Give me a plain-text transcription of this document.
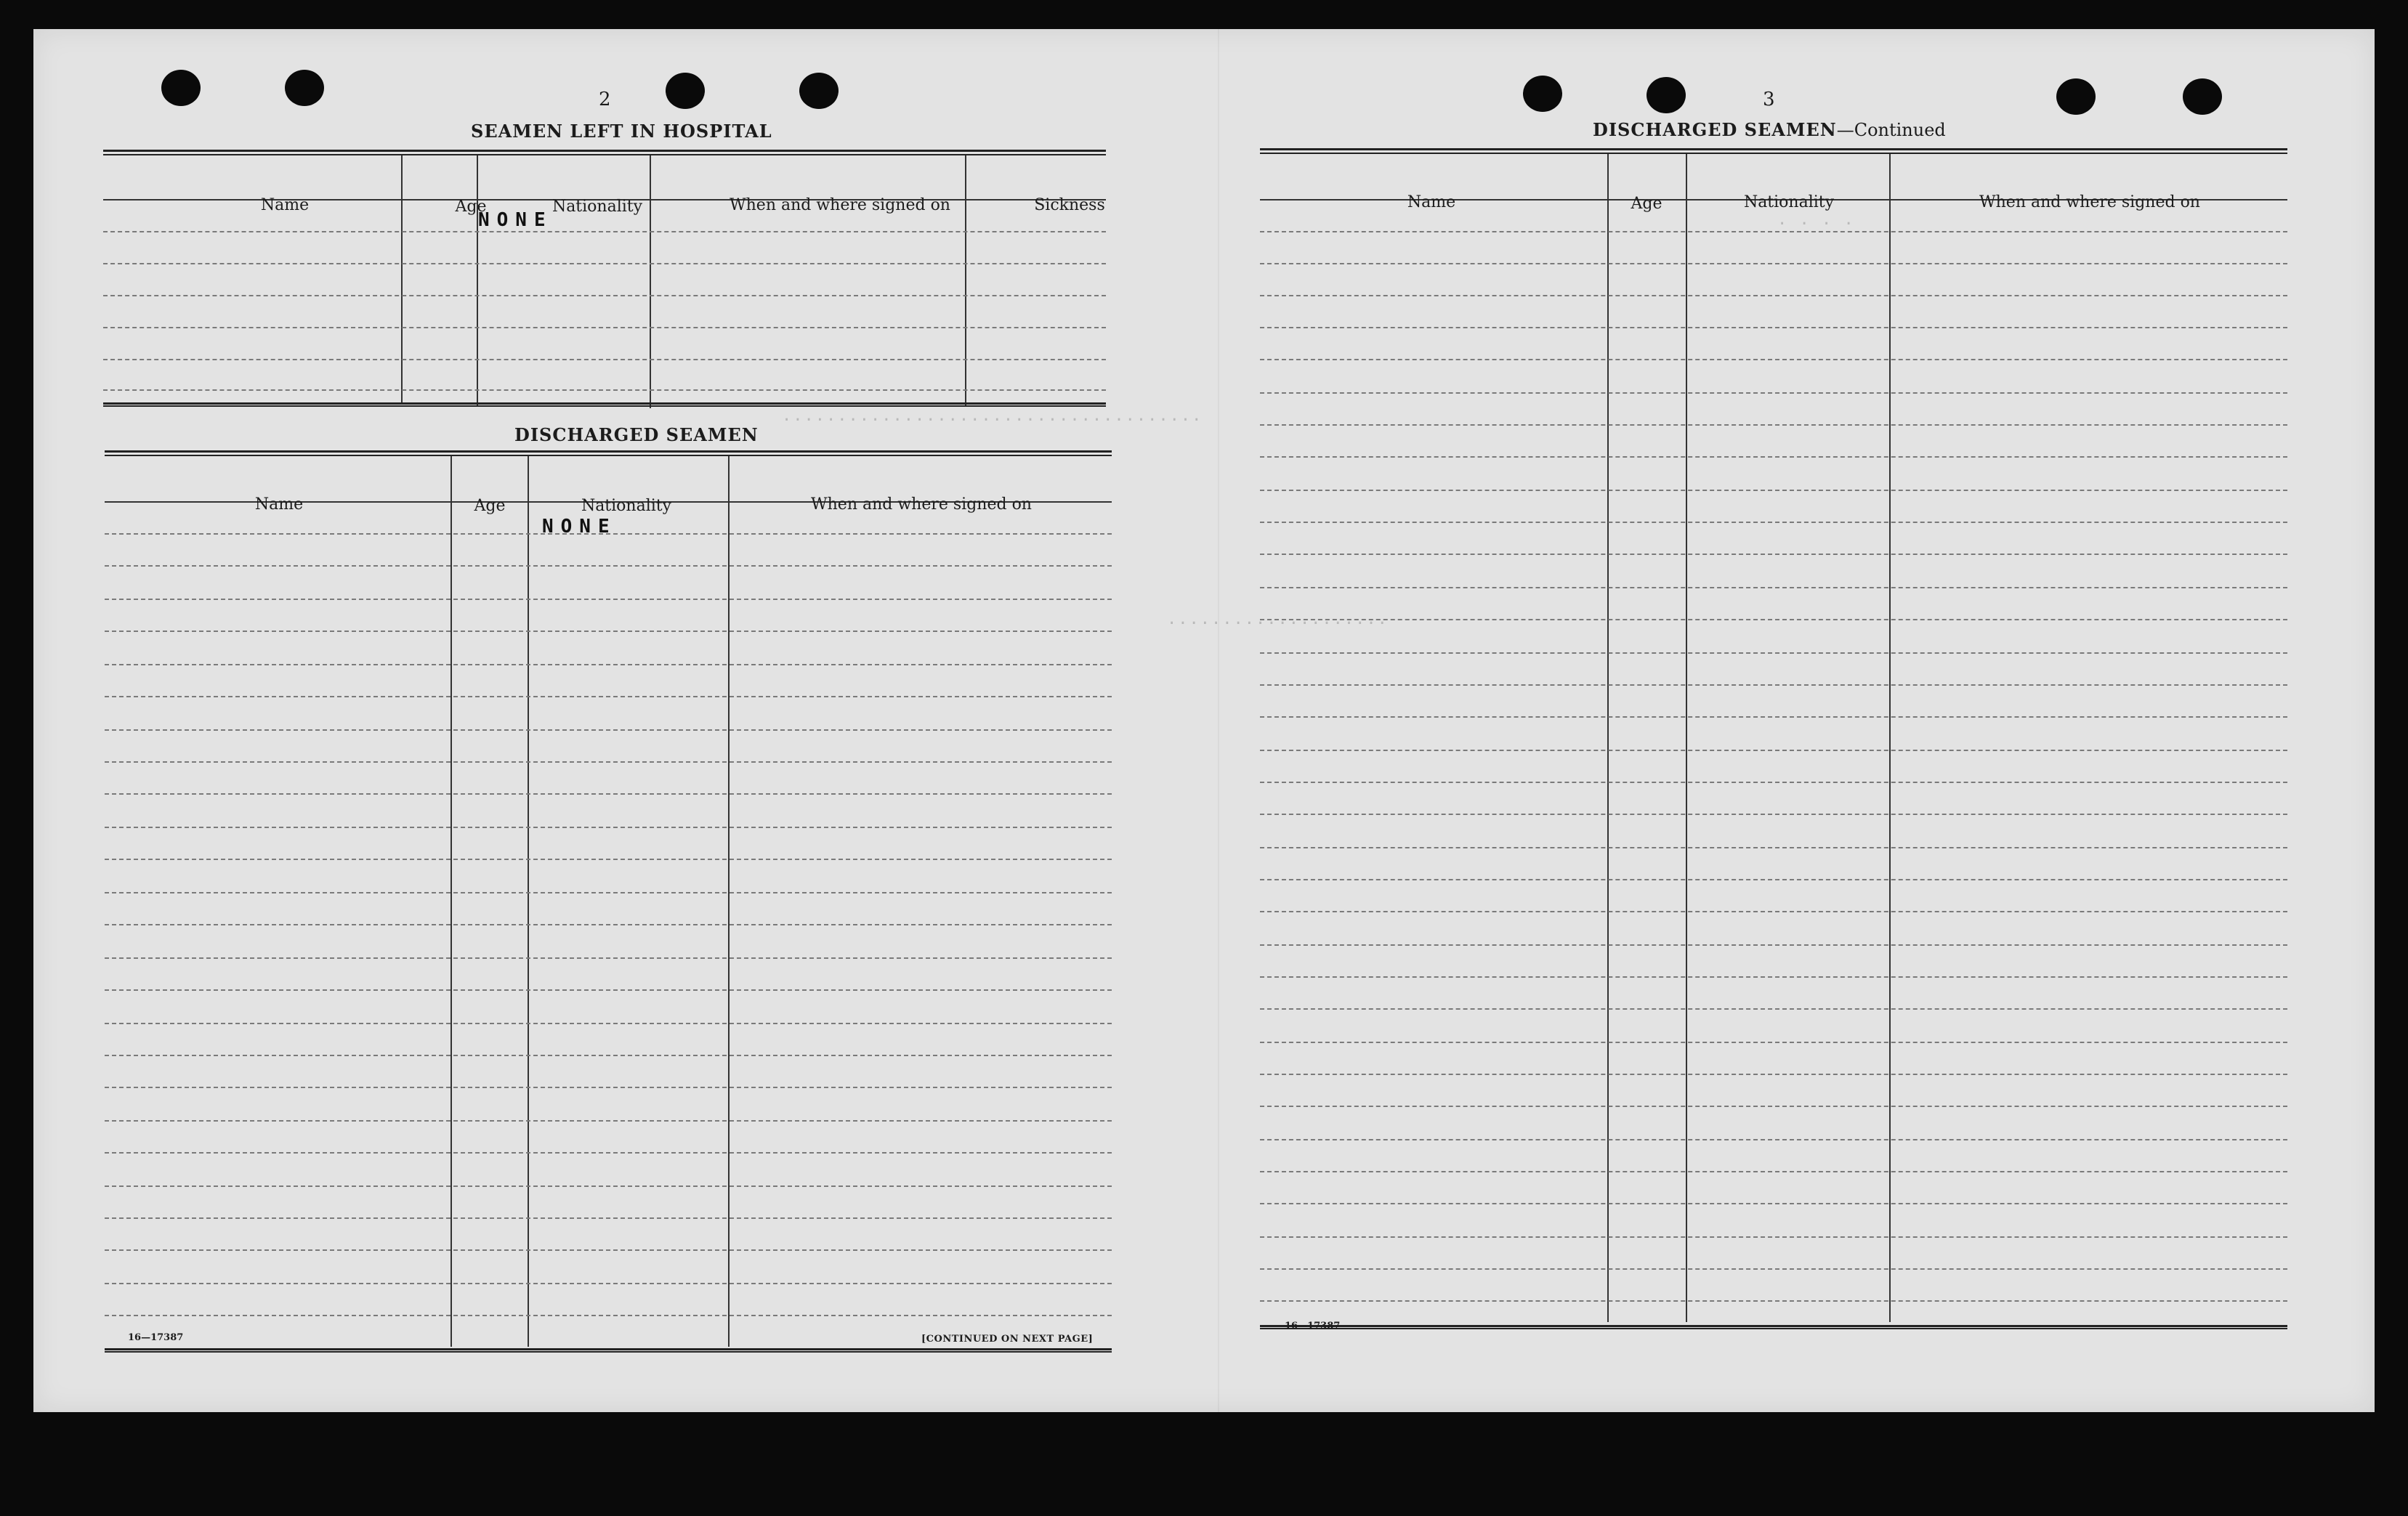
......................................
....................
. . . .
2
SEAMEN LEFT IN HOSPITAL
Name	Age	Nationality	When and where signed on	Sickness
NONE
DISCHARGED SEAMEN
Name	Age	Nationality	When and where signed on
NONE
16—17387	[CONTINUED ON NEXT PAGE]
3
DISCHARGED SEAMEN—Continued
Name	Age	Nationality	When and where signed on
16—17387
